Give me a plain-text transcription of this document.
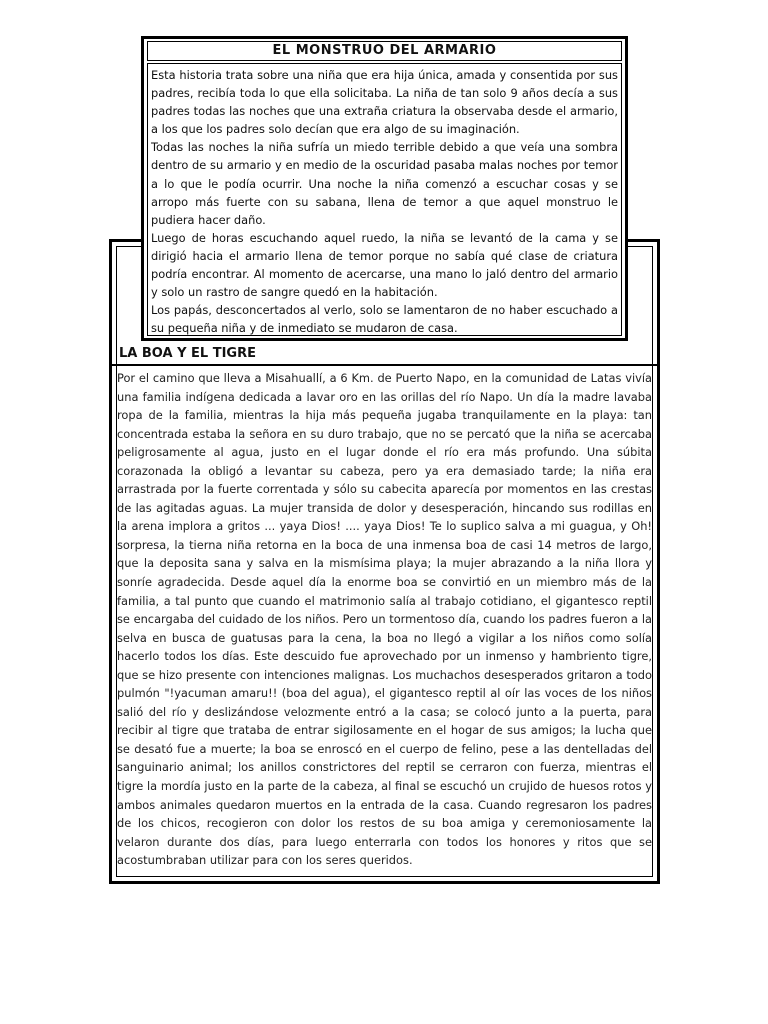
LA BOA Y EL TIGRE

Por el camino que lleva a Misahuallí, a 6 Km. de Puerto Napo, en la comunidad de Latas vivía una familia indígena dedicada a lavar oro en las orillas del río Napo. Un día la madre lavaba ropa de la familia, mientras la hija más pequeña jugaba tranquilamente en la playa: tan concentrada estaba la señora en su duro trabajo, que no se percató que la niña se acercaba peligrosamente al agua, justo en el lugar donde el río era más profundo. Una súbita corazonada la obligó a levantar su cabeza, pero ya era demasiado tarde; la niña era arrastrada por la fuerte correntada y sólo su cabecita aparecía por momentos en las crestas de las agitadas aguas. La mujer transida de dolor y desesperación, hincando sus rodillas en la arena implora a gritos ... yaya Dios! .... yaya Dios! Te lo suplico salva a mi guagua, y Oh! sorpresa, la tierna niña retorna en la boca de una inmensa boa de casi 14 metros de largo, que la deposita sana y salva en la mismísima playa; la mujer abrazando a la niña llora y sonríe agradecida. Desde aquel día la enorme boa se convirtió en un miembro más de la familia, a tal punto que cuando el matrimonio salía al trabajo cotidiano, el gigantesco reptil se encargaba del cuidado de los niños. Pero un tormentoso día, cuando los padres fueron a la selva en busca de guatusas para la cena, la boa no llegó a vigilar a los niños como solía hacerlo todos los días. Este descuido fue aprovechado por un inmenso y hambriento tigre, que se hizo presente con intenciones malignas. Los muchachos desesperados gritaron a todo pulmón "!yacuman amaru!! (boa del agua), el gigantesco reptil al oír las voces de los niños salió del río y deslizándose velozmente entró a la casa; se colocó junto a la puerta, para recibir al tigre que trataba de entrar sigilosamente en el hogar de sus amigos; la lucha que se desató fue a muerte; la boa se enroscó en el cuerpo de felino, pese a las dentelladas del sanguinario animal; los anillos constrictores del reptil se cerraron con fuerza, mientras el tigre la mordía justo en la parte de la cabeza, al final se escuchó un crujido de huesos rotos y ambos animales quedaron muertos en la entrada de la casa. Cuando regresaron los padres de los chicos, recogieron con dolor los restos de su boa amiga y ceremoniosamente la velaron durante dos días, para luego enterrarla con todos los honores y ritos que se acostumbraban utilizar para con los seres queridos.

EL MONSTRUO DEL ARMARIO

Esta historia trata sobre una niña que era hija única, amada y consentida por sus padres, recibía toda lo que ella solicitaba. La niña de tan solo 9 años decía a sus padres todas las noches que una extraña criatura la observaba desde el armario, a los que los padres solo decían que era algo de su imaginación.

Todas las noches la niña sufría un miedo terrible debido a que veía una sombra dentro de su armario y en medio de la oscuridad pasaba malas noches por temor a lo que le podía ocurrir. Una noche la niña comenzó a escuchar cosas y se arropo más fuerte con su sabana, llena de temor a que aquel monstruo le pudiera hacer daño.

Luego de horas escuchando aquel ruedo, la niña se levantó de la cama y se dirigió hacia el armario llena de temor porque no sabía qué clase de criatura podría encontrar. Al momento de acercarse, una mano lo jaló dentro del armario y solo un rastro de sangre quedó en la habitación.

Los papás, desconcertados al verlo, solo se lamentaron de no haber escuchado a su pequeña niña y de inmediato se mudaron de casa.
